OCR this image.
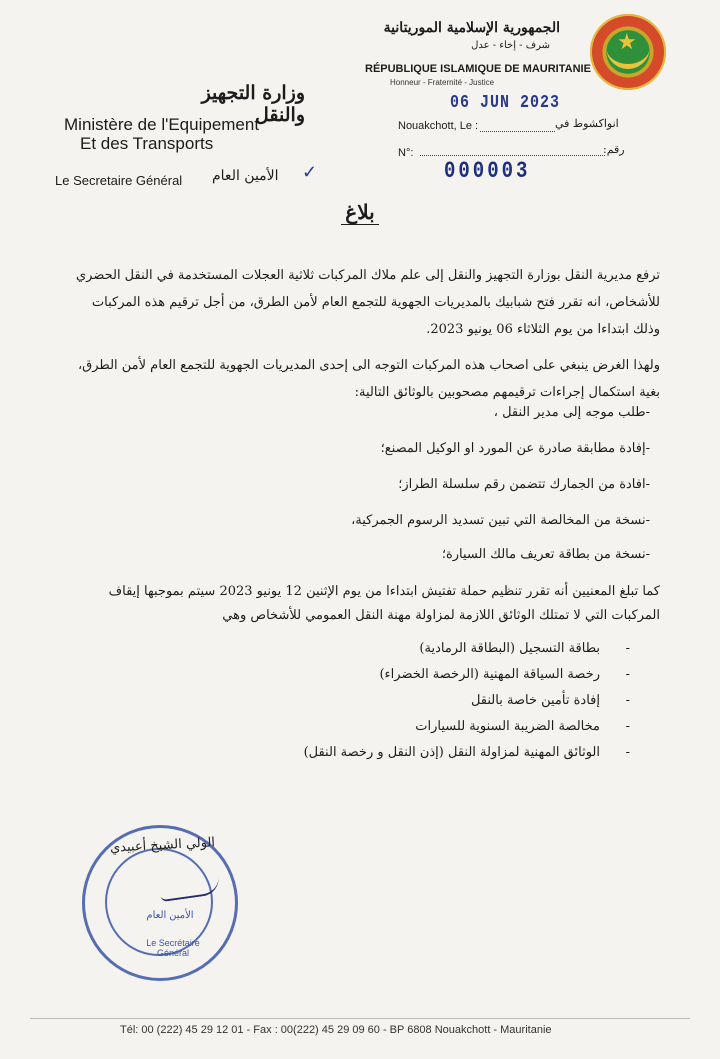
★
الجمهورية الإسلامية الموريتانية
شرف - إخاء - عدل
RÉPUBLIQUE ISLAMIQUE DE MAURITANIE
Honneur - Fraternité - Justice
06 JUN 2023
Nouakchott, Le :	انواكشوط في
N°:	رقم:
000003
وزارة التجهيز والنقل
Ministère de l'Equipement
Et des Transports
Le Secretaire Général الأمين العام ✓
بلاغ
ترفع مديرية النقل بوزارة التجهيز والنقل إلى علم ملاك المركبات ثلاثية العجلات المستخدمة في النقل الحضري للأشخاص، انه تقرر فتح شبابيك بالمديريات الجهوية للتجمع العام لأمن الطرق، من أجل ترقيم هذه المركبات وذلك ابتداءا من يوم الثلاثاء 06 يونيو 2023.
ولهذا الغرض ينبغي على اصحاب هذه المركبات التوجه الى إحدى المديريات الجهوية للتجمع العام لأمن الطرق، بغية استكمال إجراءات ترقيمهم مصحوبين بالوثائق التالية:
-طلب موجه إلى مدير النقل ،
-إفادة مطابقة صادرة عن المورد او الوكيل المصنع؛
-افادة من الجمارك تتضمن رقم سلسلة الطراز؛
-نسخة من المخالصة التي تبين تسديد الرسوم الجمركية،
-نسخة من بطاقة تعريف مالك السيارة؛
كما تبلغ المعنيين أنه تقرر تنظيم حملة تفتيش ابتداءا من يوم الإثنين 12 يونيو 2023 سيتم بموجبها إيقاف المركبات التي لا تمتلك الوثائق اللازمة لمزاولة مهنة النقل العمومي للأشخاص وهي
- بطاقة التسجيل (البطاقة الرمادية)
- رخصة السياقة المهنية (الرخصة الخضراء)
- إفادة تأمين خاصة بالنقل
- مخالصة الضريبة السنوية للسيارات
- الوثائق المهنية لمزاولة النقل (إذن النقل و رخصة النقل)
الولي الشيخ أعبيدي
الأمين العام
Le Secrétaire Général
Tél: 00 (222) 45 29 12 01 - Fax : 00(222) 45 29 09 60 - BP 6808 Nouakchott - Mauritanie
